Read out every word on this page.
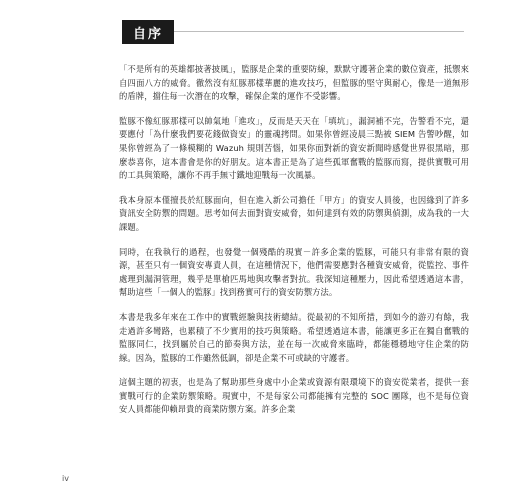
自序

「不是所有的英雄都披著披風」，監豚是企業的重要防線，默默守護著企業的數位資產，抵禦來自四面八方的威脅。徹然沒有紅豚那樣華麗的進攻技巧，但監豚的堅守與耐心，像是一道無形的盾牌，擋住每一次潛在的攻擊，確保企業的運作不受影響。

監豚不像紅豚那樣可以帥氣地「進攻」，反而是天天在「填坑」，漏洞補不完，告警看不完，還要應付「為什麼我們要花錢做資安」的靈魂拷問。如果你曾經凌晨三點被 SIEM 告警吵醒，如果你曾經為了一條模糊的 Wazuh 規則苦惱，如果你面對新的資安新聞時感覺世界很黑暗，那麼恭喜你，這本書會是你的好朋友。這本書正是為了這些孤軍奮戰的監豚而寫，提供實戰可用的工具與策略，讓你不再手無寸鐵地迎戰每一次風暴。

我本身原本僅擅長於紅豚面向，但在進入新公司擔任「甲方」的資安人員後，也因緣到了許多資訊安全防禦的問題。思考如何去面對資安威脅，如何達到有效的防禦與偵測，成為我的一大課題。

同時，在我執行的過程，也發覺一個殘酷的現實－許多企業的監豚，可能只有非常有限的資源，甚至只有一個資安專責人員，在這種情況下，他們需要應對各種資安威脅，從監控、事件處理到漏洞管理，幾乎是單槍匹馬地與攻擊者對抗。我深知這種壓力，因此希望透過這本書，幫助這些「一個人的監豚」找到務實可行的資安防禦方法。

本書是我多年來在工作中的實戰經驗與技術總結。從最初的不知所措，到如今的游刃有餘，我走過許多彎路，也累積了不少實用的技巧與策略。希望透過這本書，能讓更多正在獨自奮戰的監豚同仁，找到屬於自己的節奏與方法，並在每一次威脅來臨時，都能穩穩地守住企業的防線。因為，監豚的工作雖然低調，卻是企業不可或缺的守護者。

這個主題的初衷，也是為了幫助那些身處中小企業或資源有限環境下的資安從業者，提供一套實戰可行的企業防禦策略。現實中，不是每家公司都能擁有完整的 SOC 團隊，也不是每位資安人員都能仰賴昂貴的商業防禦方案。許多企業

iv
